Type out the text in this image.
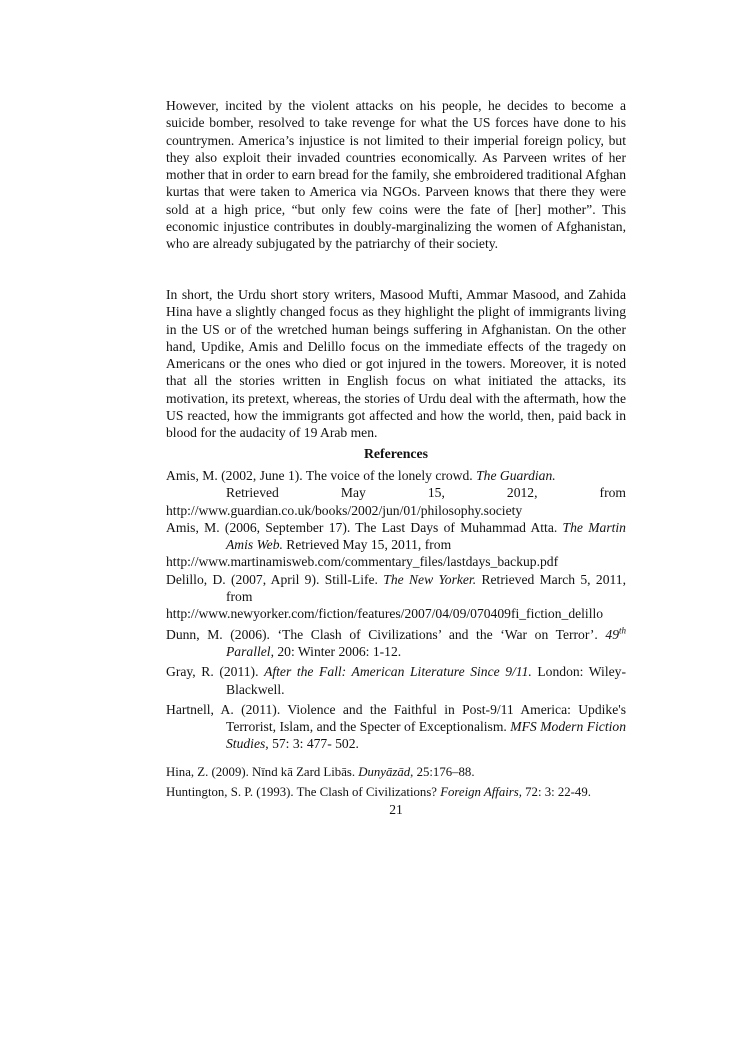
However, incited by the violent attacks on his people, he decides to become a suicide bomber, resolved to take revenge for what the US forces have done to his countrymen. America’s injustice is not limited to their imperial foreign policy, but they also exploit their invaded countries economically. As Parveen writes of her mother that in order to earn bread for the family, she embroidered traditional Afghan kurtas that were taken to America via NGOs. Parveen knows that there they were sold at a high price, “but only few coins were the fate of [her] mother”. This economic injustice contributes in doubly-marginalizing the women of Afghanistan, who are already subjugated by the patriarchy of their society.

In short, the Urdu short story writers, Masood Mufti, Ammar Masood, and Zahida Hina have a slightly changed focus as they highlight the plight of immigrants living in the US or of the wretched human beings suffering in Afghanistan. On the other hand, Updike, Amis and Delillo focus on the immediate effects of the tragedy on Americans or the ones who died or got injured in the towers. Moreover, it is noted that all the stories written in English focus on what initiated the attacks, its motivation, its pretext, whereas, the stories of Urdu deal with the aftermath, how the US reacted, how the immigrants got affected and how the world, then, paid back in blood for the audacity of 19 Arab men.

References
Amis, M. (2002, June 1). The voice of the lonely crowd. The Guardian.
Retrieved	May	15,	2012,	from
http://www.guardian.co.uk/books/2002/jun/01/philosophy.society
Amis, M. (2006, September 17). The Last Days of Muhammad Atta. The Martin Amis Web. Retrieved May 15, 2011, from
http://www.martinamisweb.com/commentary_files/lastdays_backup.pdf
Delillo, D. (2007, April 9). Still-Life. The New Yorker. Retrieved March 5, 2011, from
http://www.newyorker.com/fiction/features/2007/04/09/070409fi_fiction_delillo
Dunn, M. (2006). ‘The Clash of Civilizations’ and the ‘War on Terror’. 49th Parallel, 20: Winter 2006: 1-12.
Gray, R. (2011). After the Fall: American Literature Since 9/11. London: Wiley-Blackwell.
Hartnell, A. (2011). Violence and the Faithful in Post-9/11 America: Updike's Terrorist, Islam, and the Specter of Exceptionalism. MFS Modern Fiction Studies, 57: 3: 477- 502.
Hina, Z. (2009). Nīnd kā Zard Libās. Dunyāzād, 25:176–88.
Huntington, S. P. (1993). The Clash of Civilizations? Foreign Affairs, 72: 3: 22-49.
21
